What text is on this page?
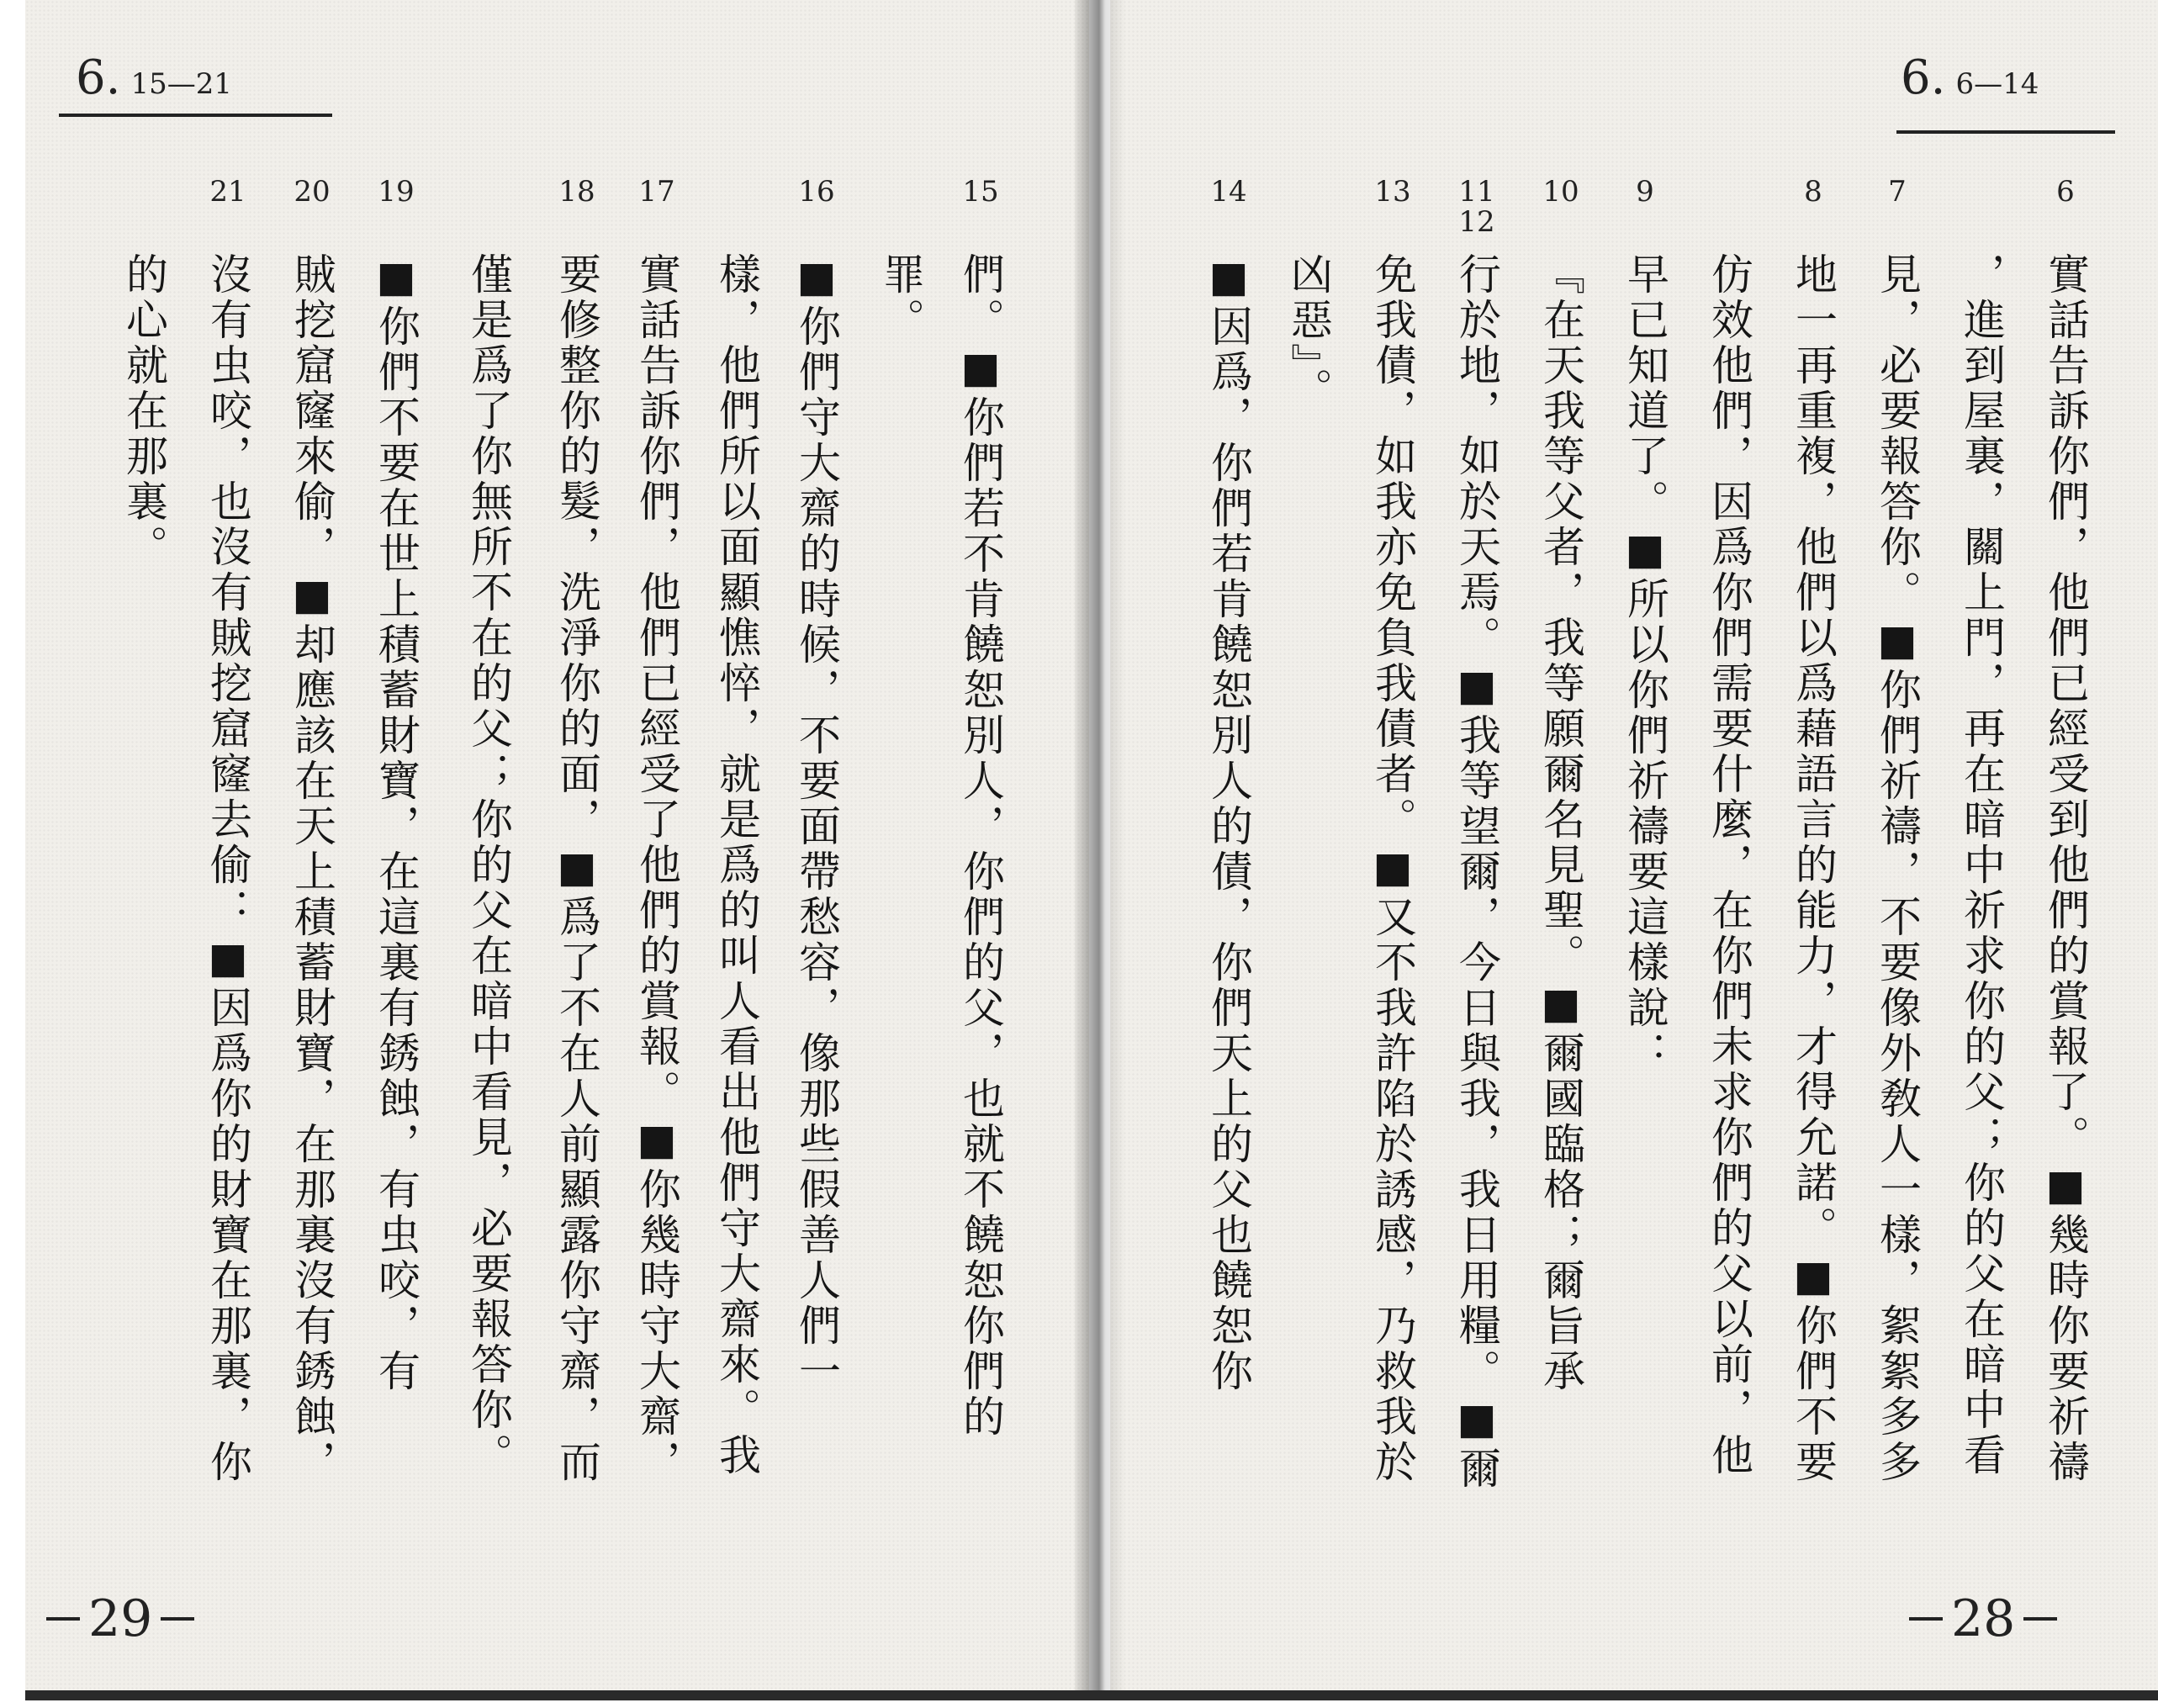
6. 15—21
15
們。■你們若不肯饒恕別人，你們的父，也就不饒恕你們的
罪。
16
■你們守大齋的時候，不要面帶愁容，像那些假善人們一
樣，他們所以面顯憔悴，就是爲的叫人看出他們守大齋來。我
17
實話告訴你們，他們已經受了他們的賞報。■你幾時守大齋，
18
要修整你的髮，洗淨你的面，■爲了不在人前顯露你守齋，而
僅是爲了你無所不在的父；你的父在暗中看見，必要報答你。
19
■你們不要在世上積蓄財寶，在這裏有銹蝕，有虫咬，有
20
賊挖窟窿來偷，■却應該在天上積蓄財寶，在那裏沒有銹蝕，
21
沒有虫咬，也沒有賊挖窟窿去偷：■因爲你的財寶在那裏，你
的心就在那裏。
29
6. 6—14
6
實話告訴你們，他們已經受到他們的賞報了。■幾時你要祈禱
，進到屋裏，關上門，再在暗中祈求你的父；你的父在暗中看
7
見，必要報答你。■你們祈禱，不要像外敎人一樣，絮絮多多
8
地一再重複，他們以爲藉語言的能力，才得允諾。■你們不要
仿效他們，因爲你們需要什麼，在你們未求你們的父以前，他
9
早已知道了。■所以你們祈禱要這樣說：
10
『在天我等父者，我等願爾名見聖。■爾國臨格；爾旨承
11 12
行於地，如於天焉。■我等望爾，今日與我，我日用糧。■爾
13
免我債，如我亦免負我債者。■又不我許陷於誘感，乃救我於
凶惡』。
14
■因爲，你們若肯饒恕別人的債，你們天上的父也饒恕你
28
